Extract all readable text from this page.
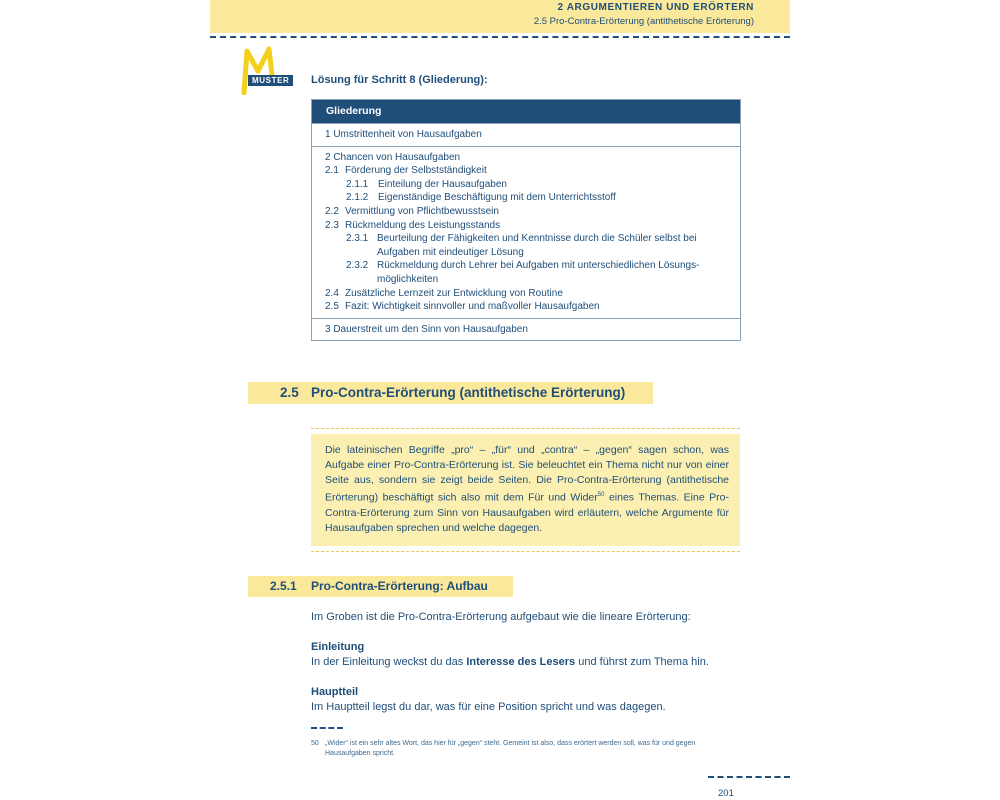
2 ARGUMENTIEREN UND ERÖRTERN
2.5 Pro-Contra-Erörterung (antithetische Erörterung)
MUSTER	Lösung für Schritt 8 (Gliederung):
Gliederung
1 Umstrittenheit von Hausaufgaben
2 Chancen von Hausaufgaben
2.1 Förderung der Selbstständigkeit
2.1.1 Einteilung der Hausaufgaben
2.1.2 Eigenständige Beschäftigung mit dem Unterrichtsstoff
2.2 Vermittlung von Pflichtbewusstsein
2.3 Rückmeldung des Leistungsstands
2.3.1 Beurteilung der Fähigkeiten und Kenntnisse durch die Schüler selbst bei Aufgaben mit eindeutiger Lösung
2.3.2 Rückmeldung durch Lehrer bei Aufgaben mit unterschiedlichen Lösungs-möglichkeiten
2.4 Zusätzliche Lernzeit zur Entwicklung von Routine
2.5 Fazit: Wichtigkeit sinnvoller und maßvoller Hausaufgaben
3 Dauerstreit um den Sinn von Hausaufgaben
2.5 Pro-Contra-Erörterung (antithetische Erörterung)

Die lateinischen Begriffe „pro“ – „für“ und „contra“ – „gegen“ sagen schon, was Aufgabe einer Pro-Contra-Erörterung ist. Sie beleuchtet ein Thema nicht nur von einer Seite aus, sondern sie zeigt beide Seiten. Die Pro-Contra-Erörterung (antithetische Erörterung) beschäftigt sich also mit dem Für und Wider$^{50}$ eines Themas. Eine Pro-Contra-Erörterung zum Sinn von Hausaufgaben wird erläutern, welche Argumente für Hausaufgaben sprechen und welche dagegen.

2.5.1 Pro-Contra-Erörterung: Aufbau
Im Groben ist die Pro-Contra-Erörterung aufgebaut wie die lineare Erörterung:
Einleitung
In der Einleitung weckst du das Interesse des Lesers und führst zum Thema hin.
Hauptteil
Im Hauptteil legst du dar, was für eine Position spricht und was dagegen.
50 „Wider“ ist ein sehr altes Wort, das hier für „gegen“ steht. Gemeint ist also, dass erörtert werden soll, was für und gegen Hausaufgaben spricht.
201
